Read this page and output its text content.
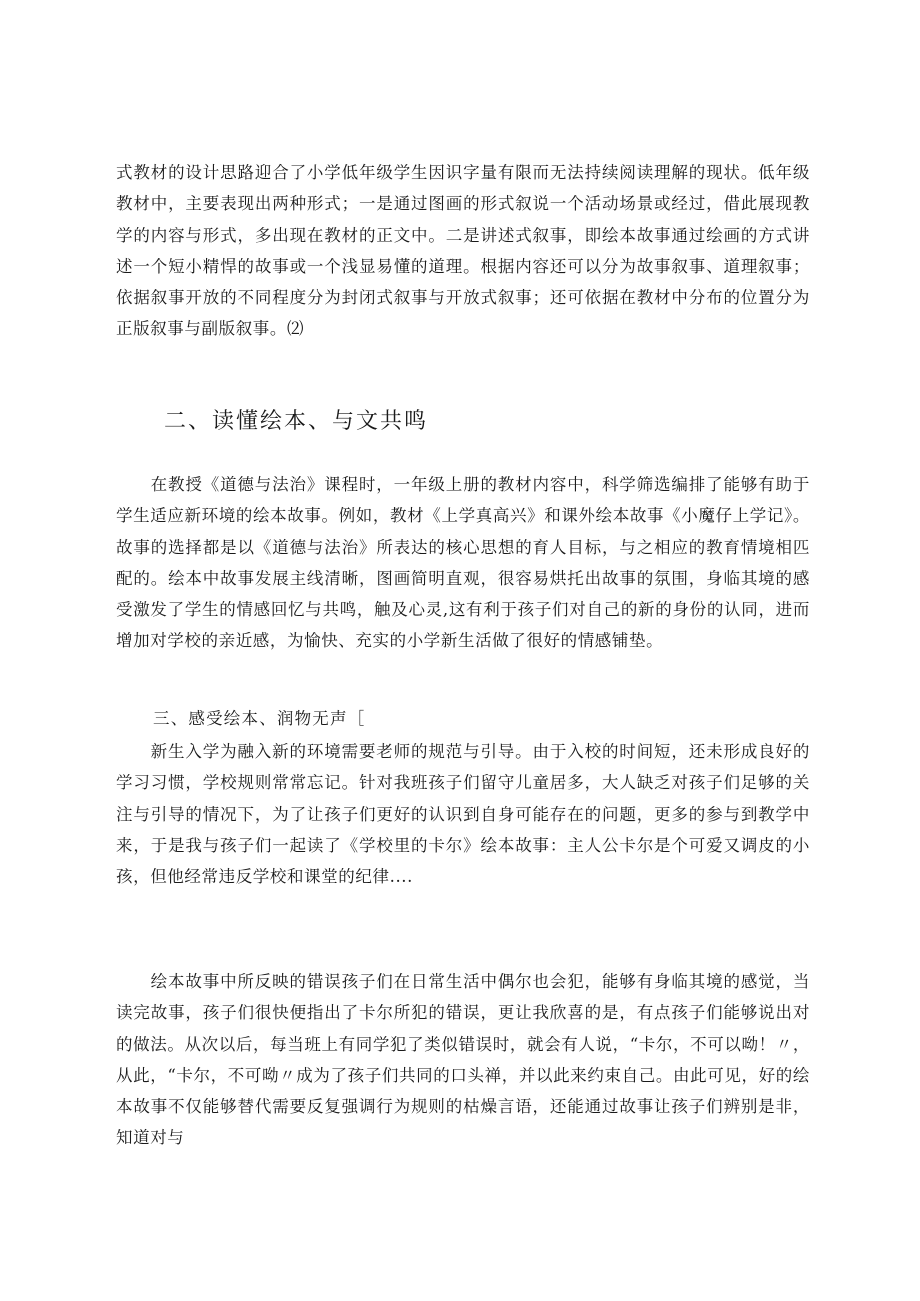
式教材的设计思路迎合了小学低年级学生因识字量有限而无法持续阅读理解的现状。低年级教材中，主要表现出两种形式；一是通过图画的形式叙说一个活动场景或经过，借此展现教学的内容与形式，多出现在教材的正文中。二是讲述式叙事，即绘本故事通过绘画的方式讲述一个短小精悍的故事或一个浅显易懂的道理。根据内容还可以分为故事叙事、道理叙事；依据叙事开放的不同程度分为封闭式叙事与开放式叙事；还可依据在教材中分布的位置分为正版叙事与副版叙事。⑵

二、读懂绘本、与文共鸣

在教授《道德与法治》课程时，一年级上册的教材内容中，科学筛选编排了能够有助于学生适应新环境的绘本故事。例如，教材《上学真高兴》和课外绘本故事《小魔仔上学记》。故事的选择都是以《道德与法治》所表达的核心思想的育人目标，与之相应的教育情境相匹配的。绘本中故事发展主线清晰，图画简明直观，很容易烘托出故事的氛围，身临其境的感受激发了学生的情感回忆与共鸣，触及心灵,这有利于孩子们对自己的新的身份的认同，进而增加对学校的亲近感，为愉快、充实的小学新生活做了很好的情感铺垫。

三、感受绘本、润物无声［

新生入学为融入新的环境需要老师的规范与引导。由于入校的时间短，还未形成良好的学习习惯，学校规则常常忘记。针对我班孩子们留守儿童居多，大人缺乏对孩子们足够的关注与引导的情况下，为了让孩子们更好的认识到自身可能存在的问题，更多的参与到教学中来，于是我与孩子们一起读了《学校里的卡尔》绘本故事：主人公卡尔是个可爱又调皮的小孩，但他经常违反学校和课堂的纪律....

绘本故事中所反映的错误孩子们在日常生活中偶尔也会犯，能够有身临其境的感觉，当读完故事，孩子们很快便指出了卡尔所犯的错误，更让我欣喜的是，有点孩子们能够说出对的做法。从次以后，每当班上有同学犯了类似错误时，就会有人说，“卡尔，不可以呦！〃，从此，“卡尔，不可呦〃成为了孩子们共同的口头禅，并以此来约束自己。由此可见，好的绘本故事不仅能够替代需要反复强调行为规则的枯燥言语，还能通过故事让孩子们辨别是非，知道对与
